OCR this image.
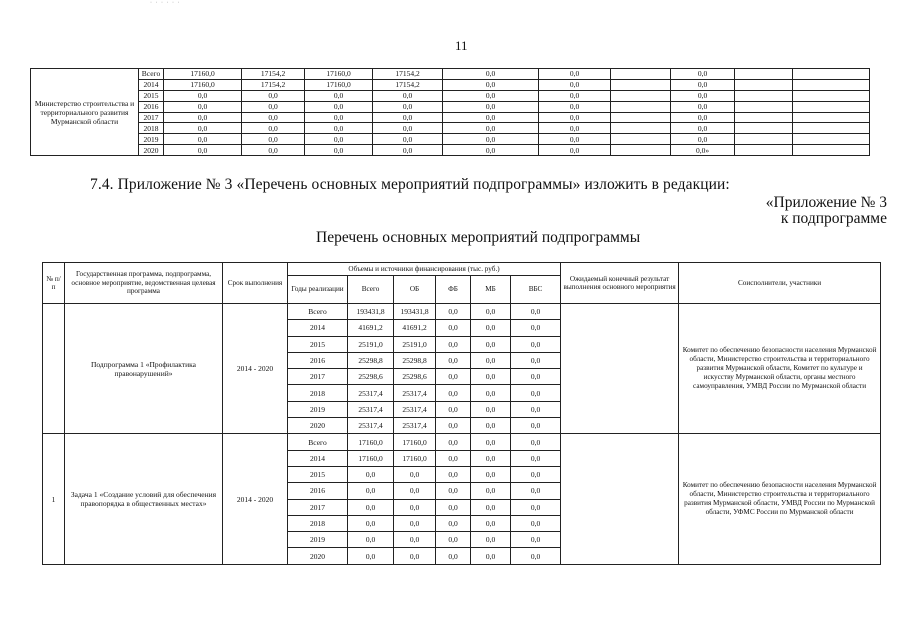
· · · · · ·
11
Министерство строительства и территориального развития Мурманской области	Всего	17160,0	17154,2	17160,0	17154,2	0,0	0,0		0,0		
	2014	17160,0	17154,2	17160,0	17154,2	0,0	0,0		0,0		
	2015	0,0	0,0	0,0	0,0	0,0	0,0		0,0		
	2016	0,0	0,0	0,0	0,0	0,0	0,0		0,0		
	2017	0,0	0,0	0,0	0,0	0,0	0,0		0,0		
	2018	0,0	0,0	0,0	0,0	0,0	0,0		0,0		
	2019	0,0	0,0	0,0	0,0	0,0	0,0		0,0		
	2020	0,0	0,0	0,0	0,0	0,0	0,0		0,0»		
7.4. Приложение № 3 «Перечень основных мероприятий подпрограммы» изложить в редакции:
«Приложение № 3
к подпрограмме
Перечень основных мероприятий подпрограммы
№ п/п	Государственная программа, подпрограмма, основное мероприятие, ведомственная целевая программа	Срок выполнения	Объемы и источники финансирования (тыс. руб.)						Ожидаемый конечный результат выполнения основного мероприятия	Соисполнители, участники
			Годы реализации	Всего	ОБ	ФБ	МБ	ВБС		
	Подпрограмма 1 «Профилактика правонарушений»	2014 - 2020	Всего	193431,8	193431,8	0,0	0,0	0,0		Комитет по обеспечению безопасности населения Мурманской области, Министерство строительства и территориального развития Мурманской области, Комитет по культуре и искусству Мурманской области, органы местного самоуправления, УМВД России по Мурманской области
			2014	41691,2	41691,2	0,0	0,0	0,0		
			2015	25191,0	25191,0	0,0	0,0	0,0		
			2016	25298,8	25298,8	0,0	0,0	0,0		
			2017	25298,6	25298,6	0,0	0,0	0,0		
			2018	25317,4	25317,4	0,0	0,0	0,0		
			2019	25317,4	25317,4	0,0	0,0	0,0		
			2020	25317,4	25317,4	0,0	0,0	0,0		
1	Задача 1 «Создание условий для обеспечения правопорядка в общественных местах»	2014 - 2020	Всего	17160,0	17160,0	0,0	0,0	0,0		Комитет по обеспечению безопасности населения Мурманской области, Министерство строительства и территориального развития Мурманской области, УМВД России по Мурманской области, УФМС России по Мурманской области
			2014	17160,0	17160,0	0,0	0,0	0,0		
			2015	0,0	0,0	0,0	0,0	0,0		
			2016	0,0	0,0	0,0	0,0	0,0		
			2017	0,0	0,0	0,0	0,0	0,0		
			2018	0,0	0,0	0,0	0,0	0,0		
			2019	0,0	0,0	0,0	0,0	0,0		
			2020	0,0	0,0	0,0	0,0	0,0		
